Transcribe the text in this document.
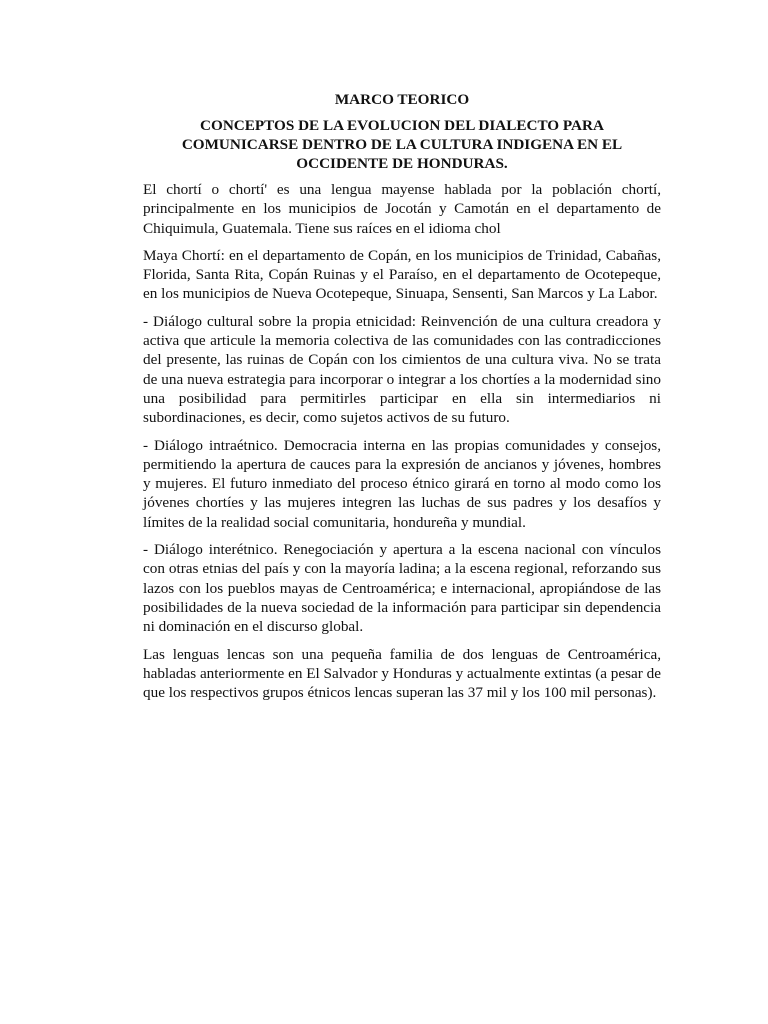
MARCO TEORICO
CONCEPTOS DE LA EVOLUCION DEL DIALECTO PARA COMUNICARSE DENTRO DE LA CULTURA INDIGENA EN EL OCCIDENTE DE HONDURAS.

El chortí o chortí' es una lengua mayense hablada por la población chortí, principalmente en los municipios de Jocotán y Camotán en el departamento de Chiquimula, Guatemala. Tiene sus raíces en el idioma chol

Maya Chortí: en el departamento de Copán, en los municipios de Trinidad, Cabañas, Florida, Santa Rita, Copán Ruinas y el Paraíso, en el departamento de Ocotepeque, en los municipios de Nueva Ocotepeque, Sinuapa, Sensenti, San Marcos y La Labor.

- Diálogo cultural sobre la propia etnicidad: Reinvención de una cultura creadora y activa que articule la memoria colectiva de las comunidades con las contradicciones del presente, las ruinas de Copán con los cimientos de una cultura viva. No se trata de una nueva estrategia para incorporar o integrar a los chortíes a la modernidad sino una posibilidad para permitirles participar en ella sin intermediarios ni subordinaciones, es decir, como sujetos activos de su futuro.

- Diálogo intraétnico. Democracia interna en las propias comunidades y consejos, permitiendo la apertura de cauces para la expresión de ancianos y jóvenes, hombres y mujeres. El futuro inmediato del proceso étnico girará en torno al modo como los jóvenes chortíes y las mujeres integren las luchas de sus padres y los desafíos y límites de la realidad social comunitaria, hondureña y mundial.

- Diálogo interétnico. Renegociación y apertura a la escena nacional con vínculos con otras etnias del país y con la mayoría ladina; a la escena regional, reforzando sus lazos con los pueblos mayas de Centroamérica; e internacional, apropiándose de las posibilidades de la nueva sociedad de la información para participar sin dependencia ni dominación en el discurso global.

Las lenguas lencas son una pequeña familia de dos lenguas de Centroamérica, habladas anteriormente en El Salvador y Honduras y actualmente extintas (a pesar de que los respectivos grupos étnicos lencas superan las 37 mil y los 100 mil personas).
